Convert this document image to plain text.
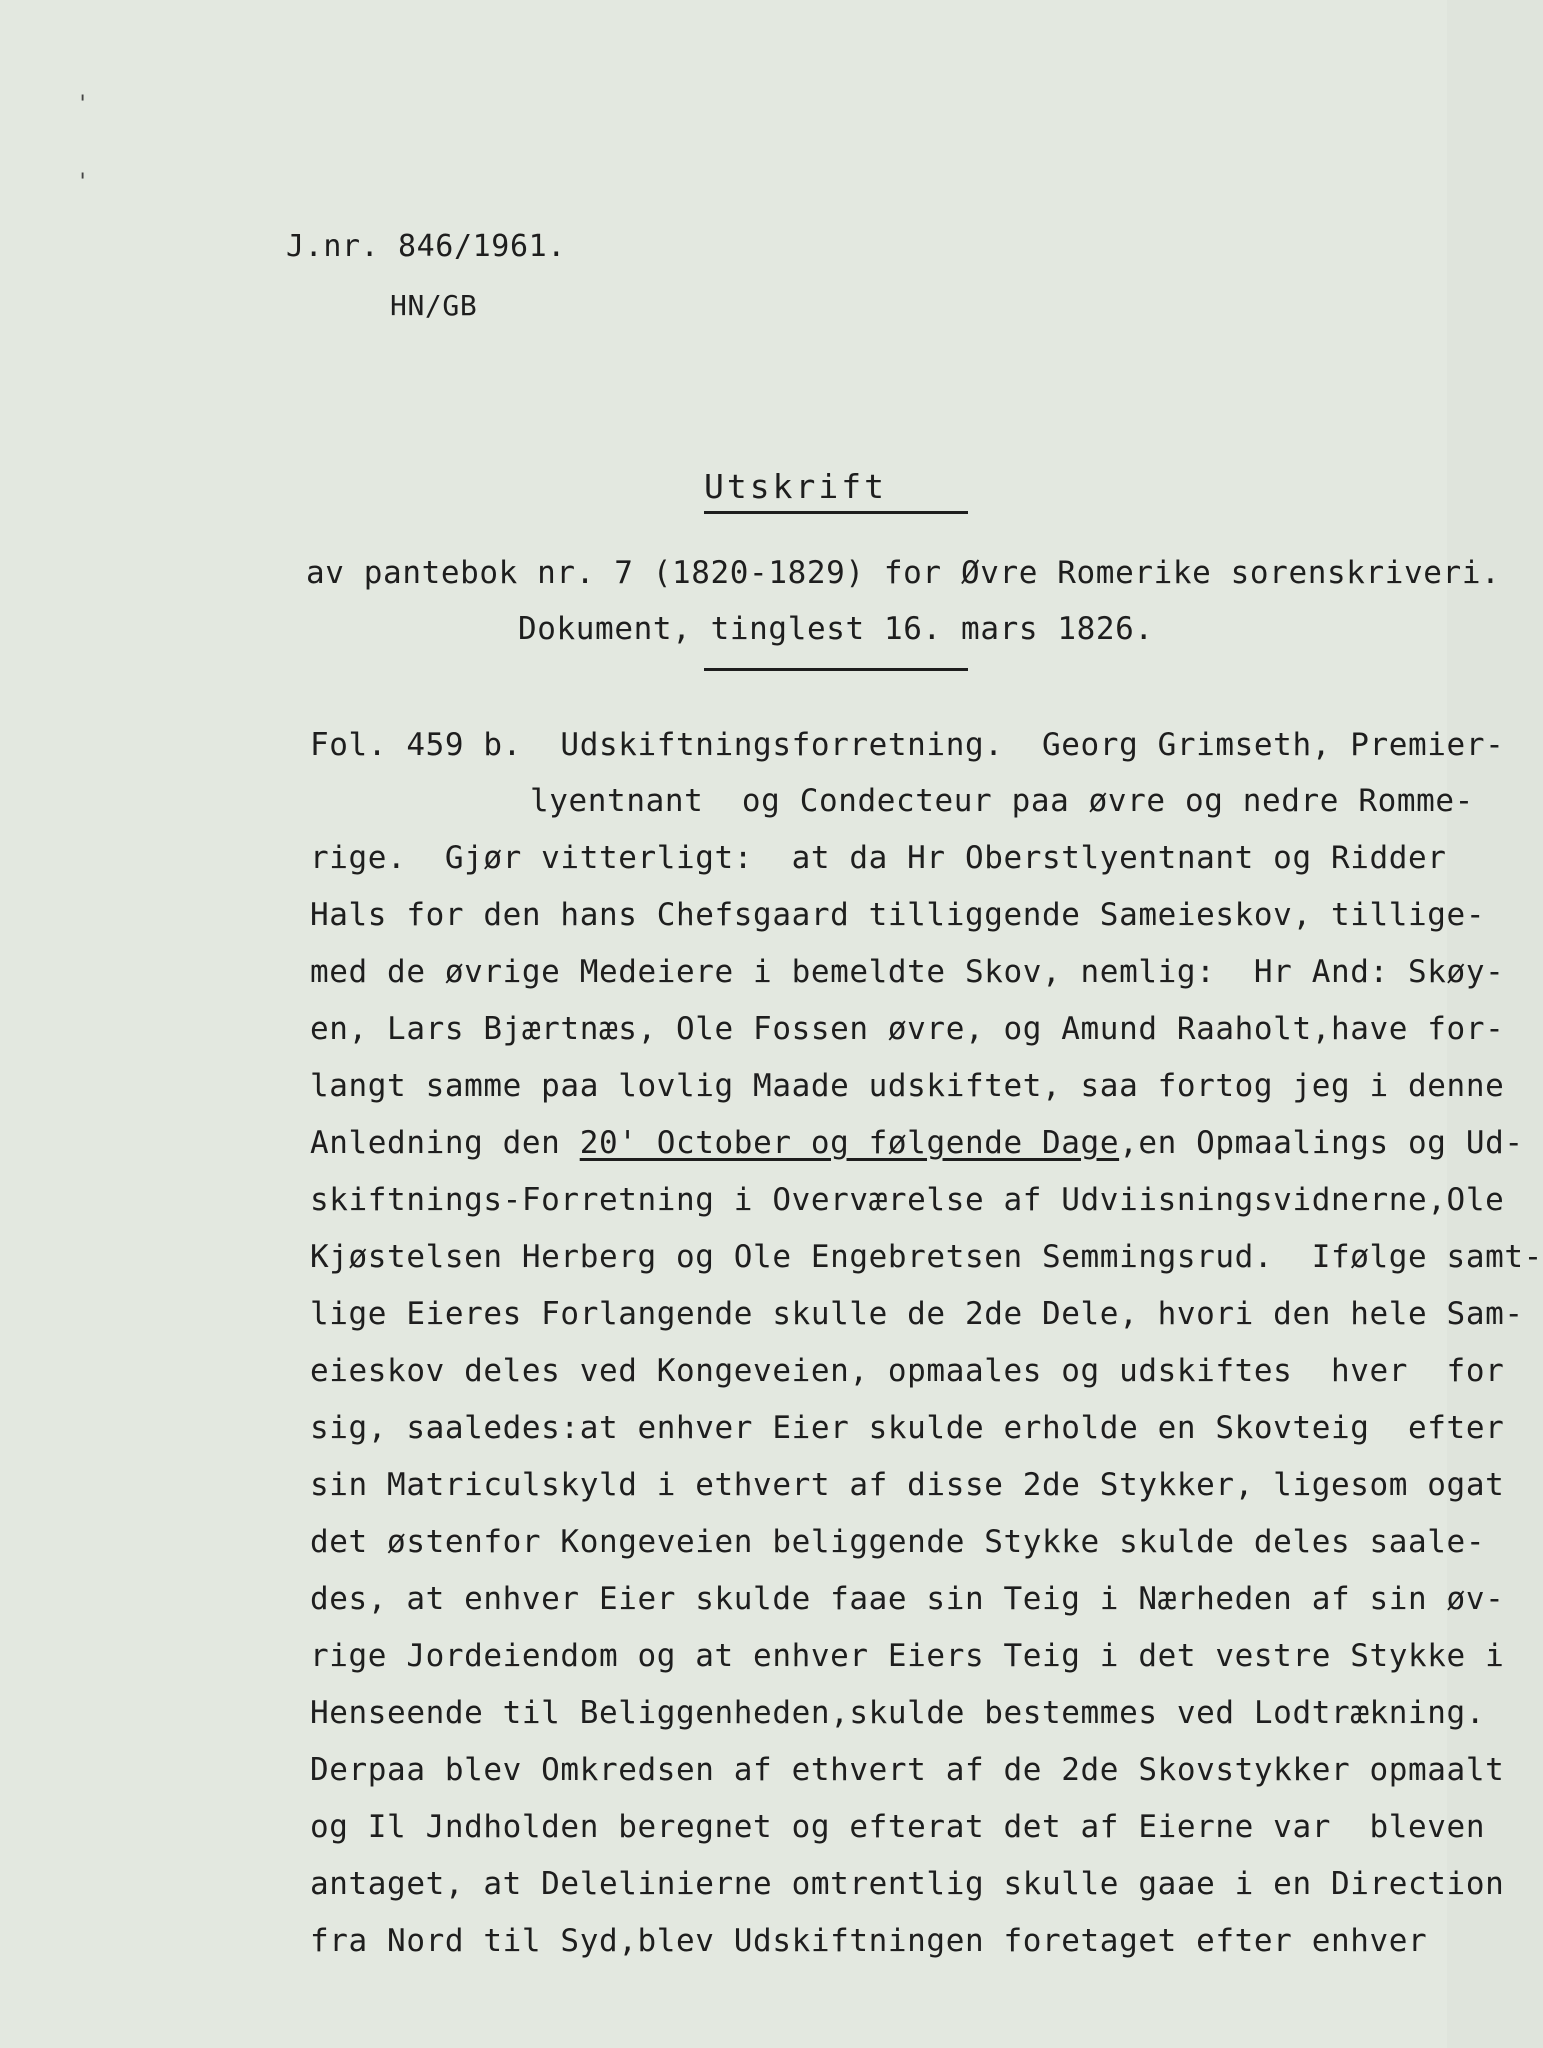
'
'
J.nr. 846/1961.
HN/GB
Utskrift
av pantebok nr. 7 (1820-1829) for Øvre Romerike sorenskriveri.
Dokument, tinglest 16. mars 1826.
Fol. 459 b.  Udskiftningsforretning.  Georg Grimseth, Premier-
lyentnant  og Condecteur paa øvre og nedre Romme-
rige.  Gjør vitterligt:  at da Hr Oberstlyentnant og Ridder
Hals for den hans Chefsgaard tilliggende Sameieskov, tillige-
med de øvrige Medeiere i bemeldte Skov, nemlig:  Hr And: Skøy-
en, Lars Bjærtnæs, Ole Fossen øvre, og Amund Raaholt,have for-
langt samme paa lovlig Maade udskiftet, saa fortog jeg i denne
Anledning den 20' October og følgende Dage,en Opmaalings og Ud-
skiftnings-Forretning i Overværelse af Udviisningsvidnerne,Ole
Kjøstelsen Herberg og Ole Engebretsen Semmingsrud.  Ifølge samt-
lige Eieres Forlangende skulle de 2de Dele, hvori den hele Sam-
eieskov deles ved Kongeveien, opmaales og udskiftes  hver  for
sig, saaledes:at enhver Eier skulde erholde en Skovteig  efter
sin Matriculskyld i ethvert af disse 2de Stykker, ligesom ogat
det østenfor Kongeveien beliggende Stykke skulde deles saale-
des, at enhver Eier skulde faae sin Teig i Nærheden af sin øv-
rige Jordeiendom og at enhver Eiers Teig i det vestre Stykke i
Henseende til Beliggenheden,skulde bestemmes ved Lodtrækning.
Derpaa blev Omkredsen af ethvert af de 2de Skovstykker opmaalt
og Il Jndholden beregnet og efterat det af Eierne var  bleven
antaget, at Delelinierne omtrentlig skulle gaae i en Direction
fra Nord til Syd,blev Udskiftningen foretaget efter enhver
